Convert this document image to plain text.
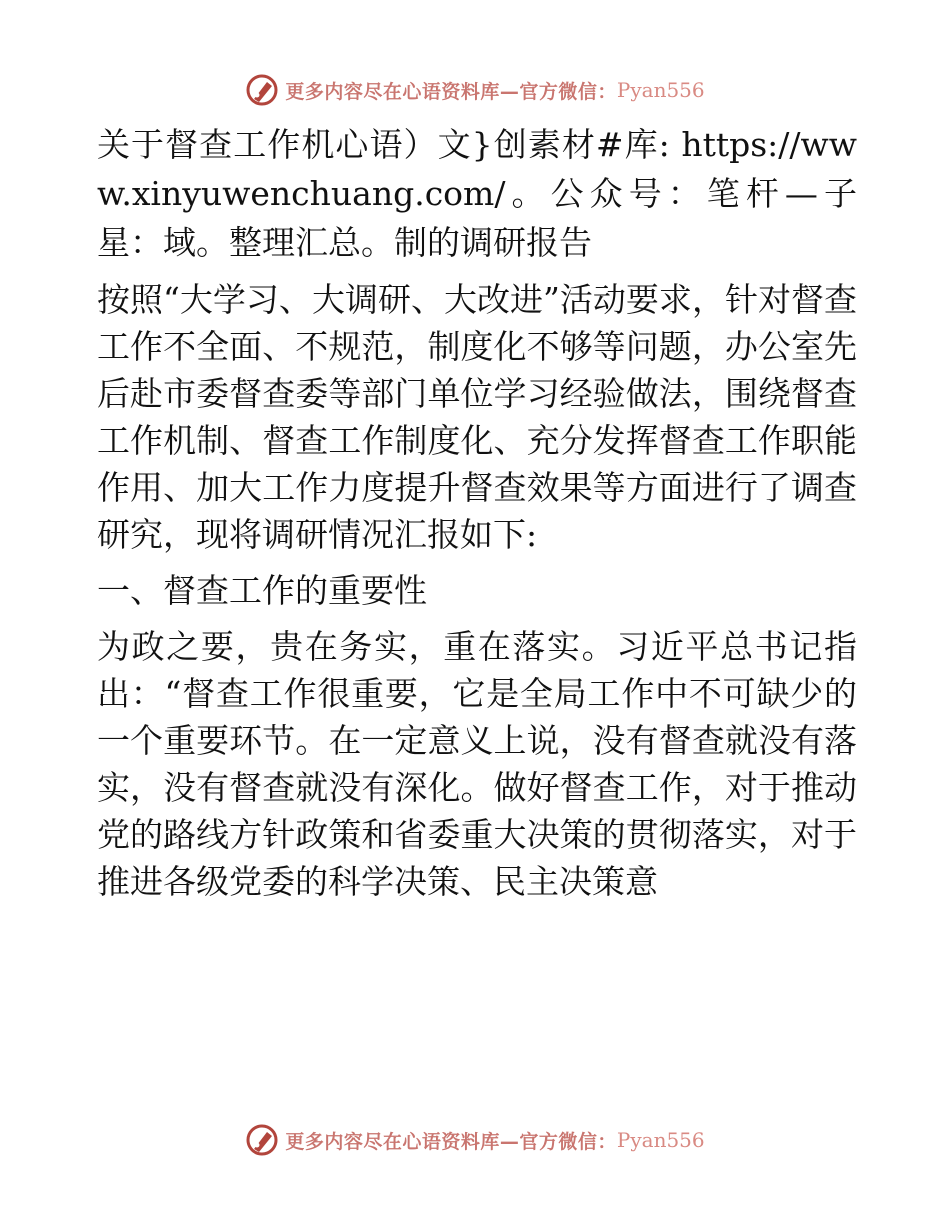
更多内容尽在心语资料库—官方微信： Pyan556

关于督查工作机心语）文}创素材#库: https://www.xinyuwenchuang.com/。公众号：笔杆—子星：域。整理汇总。制的调研报告

按照“大学习、大调研、大改进”活动要求，针对督查工作不全面、不规范，制度化不够等问题，办公室先后赴市委督查委等部门单位学习经验做法，围绕督查工作机制、督查工作制度化、充分发挥督查工作职能作用、加大工作力度提升督查效果等方面进行了调查研究，现将调研情况汇报如下:

一、督查工作的重要性

为政之要，贵在务实，重在落实。习近平总书记指出：“督查工作很重要，它是全局工作中不可缺少的一个重要环节。在一定意义上说，没有督查就没有落实，没有督查就没有深化。做好督查工作，对于推动党的路线方针政策和省委重大决策的贯彻落实，对于推进各级党委的科学决策、民主决策意

更多内容尽在心语资料库—官方微信： Pyan556
